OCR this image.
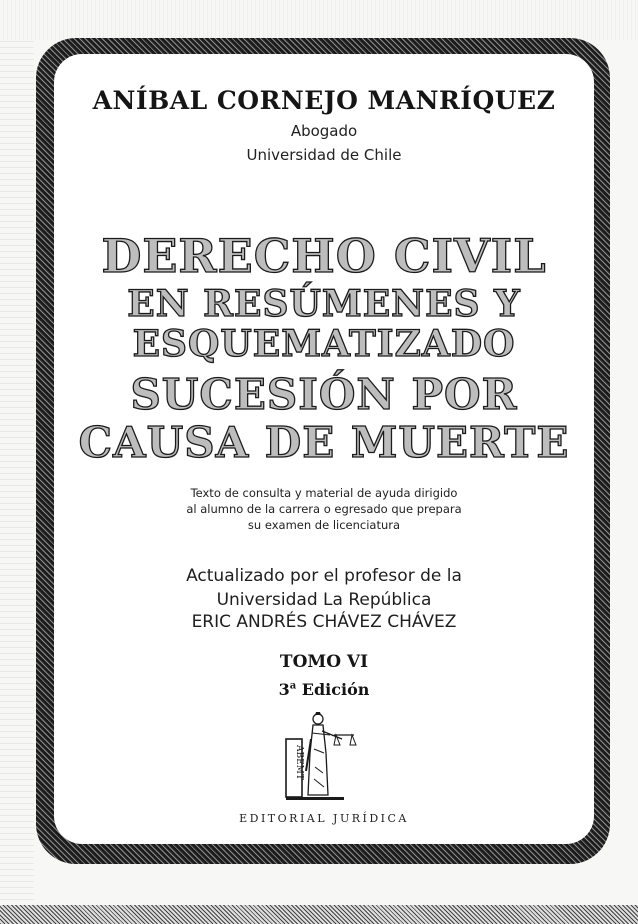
ANÍBAL CORNEJO MANRÍQUEZ
Abogado
Universidad de Chile
DERECHO CIVIL
EN RESÚMENES Y
ESQUEMATIZADO
SUCESIÓN POR
CAUSA DE MUERTE
Texto de consulta y material de ayuda dirigido
al alumno de la carrera o egresado que prepara
su examen de licenciatura
Actualizado por el profesor de la
Universidad La República
ERIC ANDRÉS CHÁVEZ CHÁVEZ
TOMO VI
3$^a$ Edición
ABEMT
EDITORIAL JURÍDICA
